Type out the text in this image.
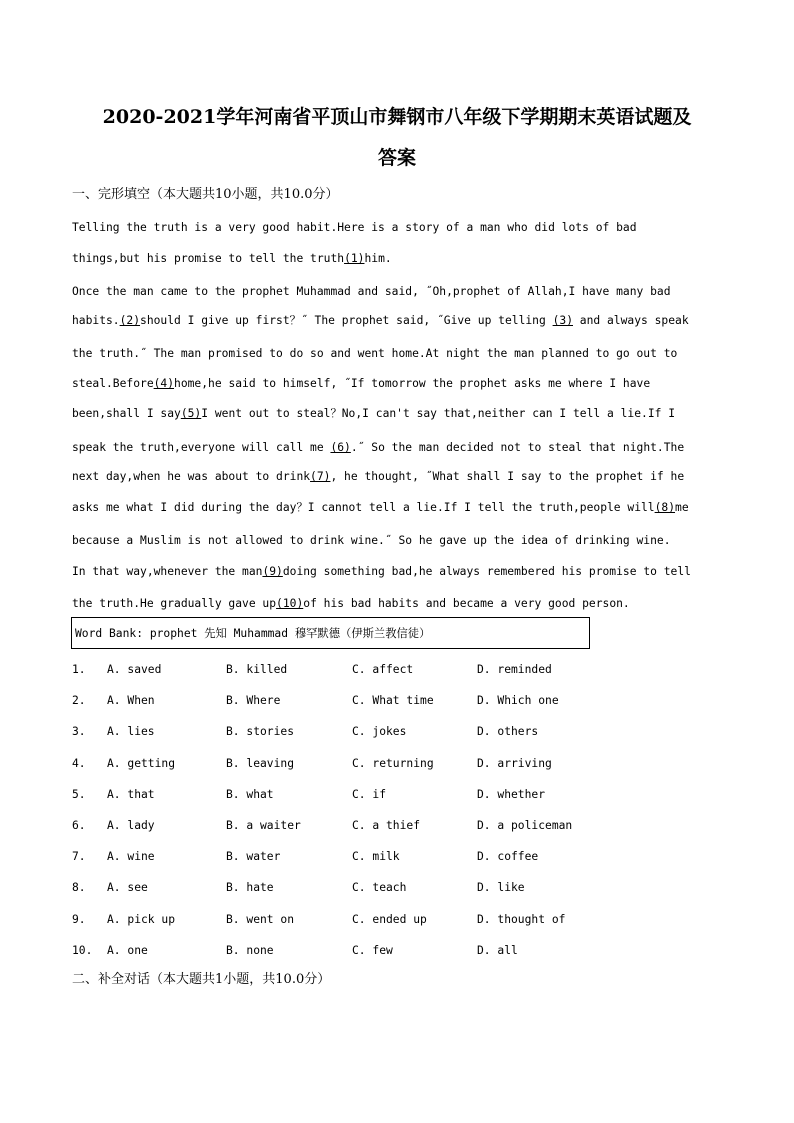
2020-2021学年河南省平顶山市舞钢市八年级下学期期末英语试题及
答案
一、完形填空（本大题共10小题，共10.0分）
Telling the truth is a very good habit.Here is a story of a man who did lots of bad
things,but his promise to tell the truth(1)him.
Once the man came to the prophet Muhammad and said, ˝Oh,prophet of Allah,I have many bad
habits.(2)should I give up first？˝ The prophet said, ˝Give up telling (3) and always speak
the truth.˝ The man promised to do so and went home.At night the man planned to go out to
steal.Before(4)home,he said to himself, ˝If tomorrow the prophet asks me where I have
been,shall I say(5)I went out to steal？No,I can't say that,neither can I tell a lie.If I
speak the truth,everyone will call me (6).˝ So the man decided not to steal that night.The
next day,when he was about to drink(7), he thought, ˝What shall I say to the prophet if he
asks me what I did during the day？I cannot tell a lie.If I tell the truth,people will(8)me
because a Muslim is not allowed to drink wine.˝ So he gave up the idea of drinking wine.
In that way,whenever the man(9)doing something bad,he always remembered his promise to tell
the truth.He gradually gave up(10)of his bad habits and became a very good person.
Word Bank: prophet 先知 Muhammad 穆罕默德（伊斯兰教信徒）
1. A. saved	B. killed	C. affect	D. reminded
2. A. When	B. Where	C. What time	D. Which one
3. A. lies	B. stories	C. jokes	D. others
4. A. getting	B. leaving	C. returning	D. arriving
5. A. that	B. what	C. if	D. whether
6. A. lady	B. a waiter	C. a thief	D. a policeman
7. A. wine	B. water	C. milk	D. coffee
8. A. see	B. hate	C. teach	D. like
9. A. pick up	B. went on	C. ended up	D. thought of
10. A. one	B. none	C. few	D. all
二、补全对话（本大题共1小题，共10.0分）
